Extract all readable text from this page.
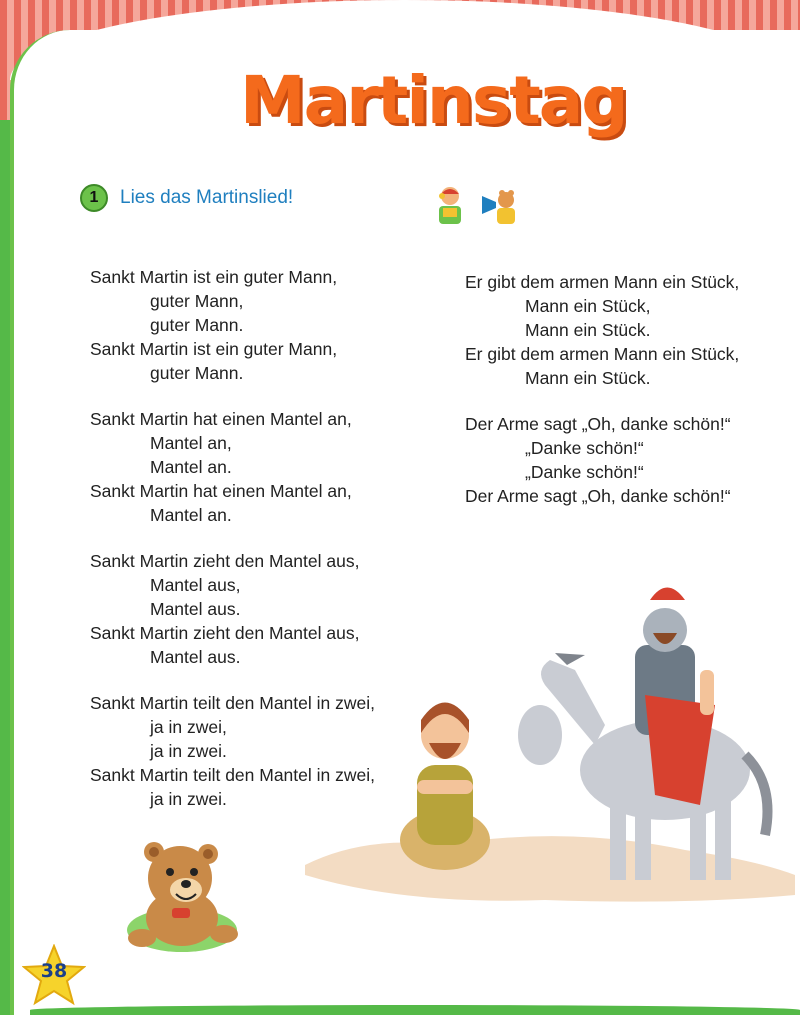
Martinstag
1	Lies das Martinslied!
Sankt Martin ist ein guter Mann,
guter Mann,
guter Mann.
Sankt Martin ist ein guter Mann,
guter Mann.
Sankt Martin hat einen Mantel an,
Mantel an,
Mantel an.
Sankt Martin hat einen Mantel an,
Mantel an.
Sankt Martin zieht den Mantel aus,
Mantel aus,
Mantel aus.
Sankt Martin zieht den Mantel aus,
Mantel aus.
Sankt Martin teilt den Mantel in zwei,
ja in zwei,
ja in zwei.
Sankt Martin teilt den Mantel in zwei,
ja in zwei.
Er gibt dem armen Mann ein Stück,
Mann ein Stück,
Mann ein Stück.
Er gibt dem armen Mann ein Stück,
Mann ein Stück.
Der Arme sagt „Oh, danke schön!“
„Danke schön!“
„Danke schön!“
Der Arme sagt „Oh, danke schön!“
38
